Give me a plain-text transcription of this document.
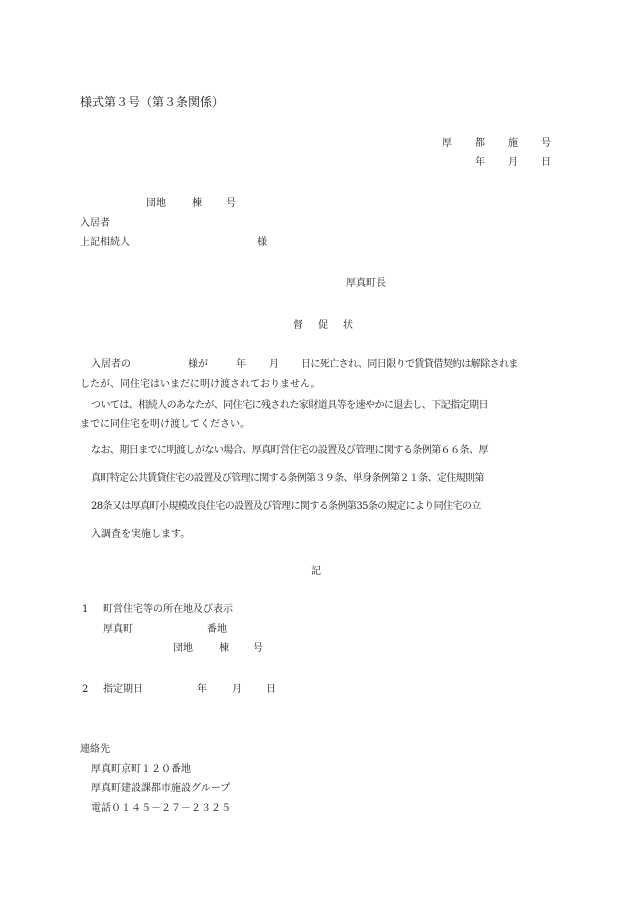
様式第３号（第３条関係）
厚 都 施 号
年 月 日
団地	棟 号
入居者
上記相続人	様
厚真町長
督 促 状
入居者の	様が	年 月 日に死亡され、同日限りで賃貸借契約は解除されま
したが、同住宅はいまだに明け渡されておりません。
ついては、相続人のあなたが、同住宅に残された家財道具等を速やかに退去し、下記指定期日
までに同住宅を明け渡してください。
なお、期日までに明渡しがない場合、厚真町営住宅の設置及び管理に関する条例第６６条、厚
真町特定公共賃貸住宅の設置及び管理に関する条例第３９条、単身条例第２１条、定住規則第
28条又は厚真町小規模改良住宅の設置及び管理に関する条例第35条の規定により同住宅の立
入調査を実施します。
記
1 町営住宅等の所在地及び表示
厚真町	番地
団地	棟 号
2 指定期日	年	月 日
連絡先
厚真町京町１２０番地
厚真町建設課都市施設グループ
電話０１４５－２７－２３２５
